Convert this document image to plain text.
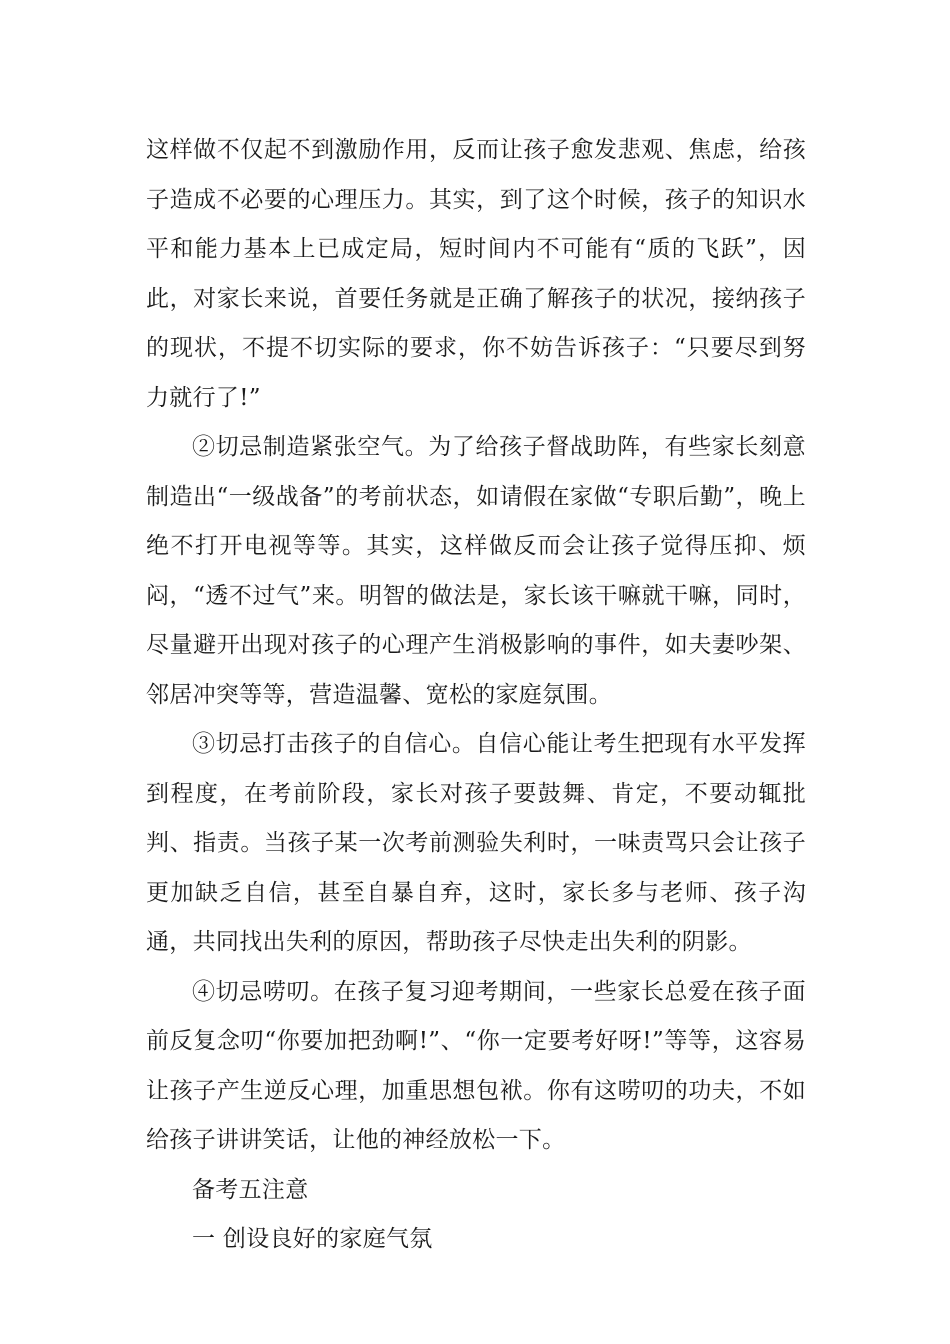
这样做不仅起不到激励作用，反而让孩子愈发悲观、焦虑，给孩子造成不必要的心理压力。其实，到了这个时候，孩子的知识水平和能力基本上已成定局，短时间内不可能有“质的飞跃”，因此，对家长来说，首要任务就是正确了解孩子的状况，接纳孩子的现状，不提不切实际的要求，你不妨告诉孩子：“只要尽到努力就行了!”

②切忌制造紧张空气。为了给孩子督战助阵，有些家长刻意制造出“一级战备”的考前状态，如请假在家做“专职后勤”，晚上绝不打开电视等等。其实，这样做反而会让孩子觉得压抑、烦闷，“透不过气”来。明智的做法是，家长该干嘛就干嘛，同时，尽量避开出现对孩子的心理产生消极影响的事件，如夫妻吵架、邻居冲突等等，营造温馨、宽松的家庭氛围。

③切忌打击孩子的自信心。自信心能让考生把现有水平发挥到程度，在考前阶段，家长对孩子要鼓舞、肯定，不要动辄批判、指责。当孩子某一次考前测验失利时，一味责骂只会让孩子更加缺乏自信，甚至自暴自弃，这时，家长多与老师、孩子沟通，共同找出失利的原因，帮助孩子尽快走出失利的阴影。

④切忌唠叨。在孩子复习迎考期间，一些家长总爱在孩子面前反复念叨“你要加把劲啊!”、“你一定要考好呀!”等等，这容易让孩子产生逆反心理，加重思想包袱。你有这唠叨的功夫，不如给孩子讲讲笑话，让他的神经放松一下。

备考五注意

一 创设良好的家庭气氛
